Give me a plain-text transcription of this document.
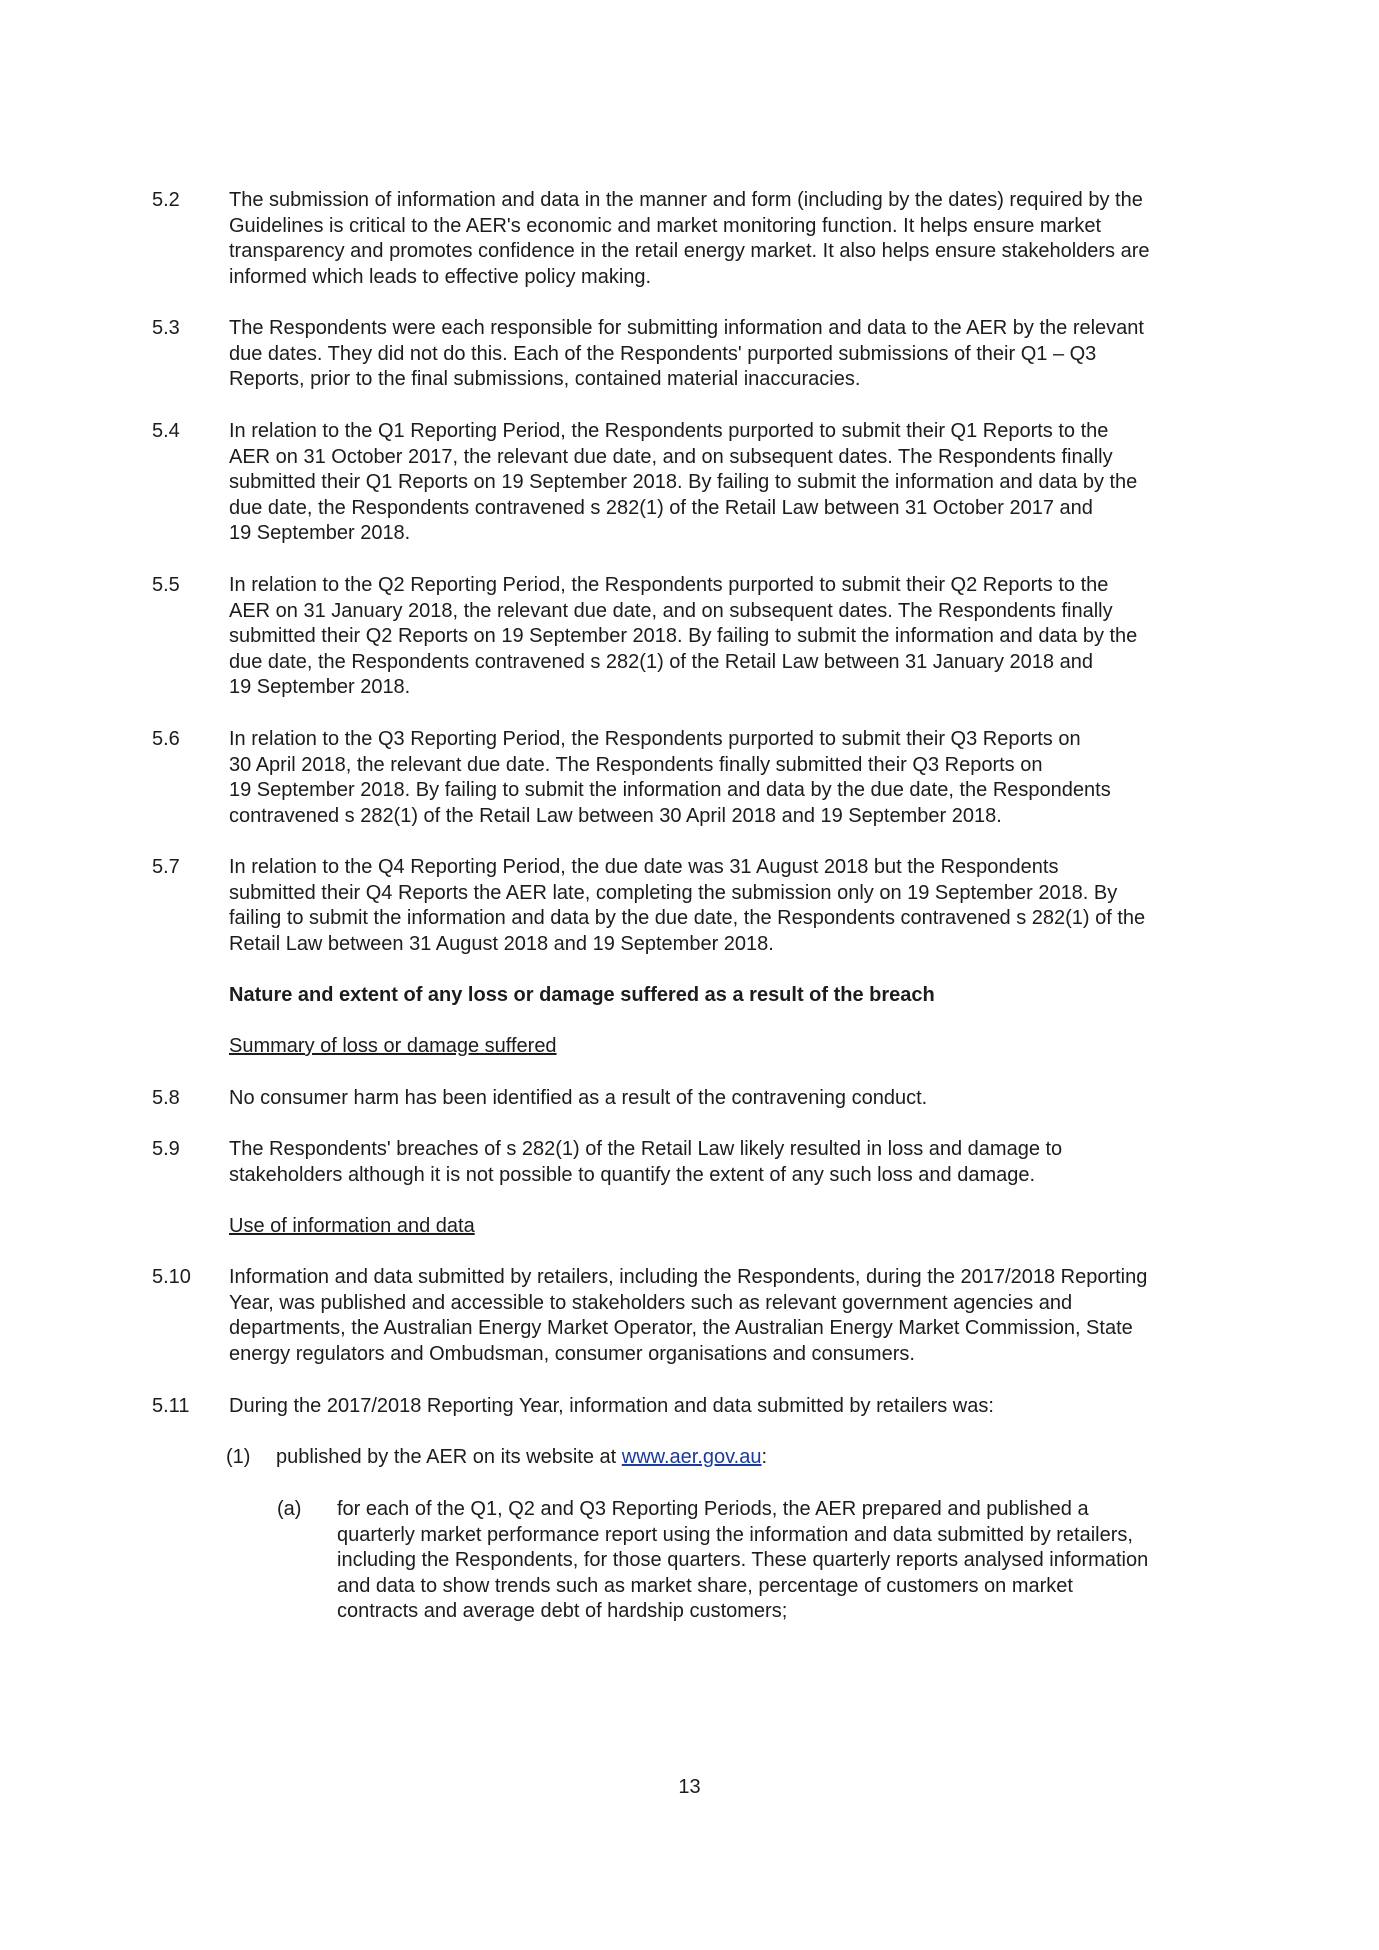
5.2 The submission of information and data in the manner and form (including by the dates) required by the

Guidelines is critical to the AER's economic and market monitoring function. It helps ensure market

transparency and promotes confidence in the retail energy market. It also helps ensure stakeholders are

informed which leads to effective policy making.

5.3 The Respondents were each responsible for submitting information and data to the AER by the relevant

due dates. They did not do this. Each of the Respondents' purported submissions of their Q1 – Q3

Reports, prior to the final submissions, contained material inaccuracies.

5.4 In relation to the Q1 Reporting Period, the Respondents purported to submit their Q1 Reports to the

AER on 31 October 2017, the relevant due date, and on subsequent dates. The Respondents finally

submitted their Q1 Reports on 19 September 2018. By failing to submit the information and data by the

due date, the Respondents contravened s 282(1) of the Retail Law between 31 October 2017 and

19 September 2018.

5.5 In relation to the Q2 Reporting Period, the Respondents purported to submit their Q2 Reports to the

AER on 31 January 2018, the relevant due date, and on subsequent dates. The Respondents finally

submitted their Q2 Reports on 19 September 2018. By failing to submit the information and data by the

due date, the Respondents contravened s 282(1) of the Retail Law between 31 January 2018 and

19 September 2018.

5.6 In relation to the Q3 Reporting Period, the Respondents purported to submit their Q3 Reports on

30 April 2018, the relevant due date. The Respondents finally submitted their Q3 Reports on

19 September 2018. By failing to submit the information and data by the due date, the Respondents

contravened s 282(1) of the Retail Law between 30 April 2018 and 19 September 2018.

5.7 In relation to the Q4 Reporting Period, the due date was 31 August 2018 but the Respondents

submitted their Q4 Reports the AER late, completing the submission only on 19 September 2018. By

failing to submit the information and data by the due date, the Respondents contravened s 282(1) of the

Retail Law between 31 August 2018 and 19 September 2018.

Nature and extent of any loss or damage suffered as a result of the breach

Summary of loss or damage suffered

5.8 No consumer harm has been identified as a result of the contravening conduct.

5.9 The Respondents' breaches of s 282(1) of the Retail Law likely resulted in loss and damage to

stakeholders although it is not possible to quantify the extent of any such loss and damage.

Use of information and data

5.10 Information and data submitted by retailers, including the Respondents, during the 2017/2018 Reporting

Year, was published and accessible to stakeholders such as relevant government agencies and

departments, the Australian Energy Market Operator, the Australian Energy Market Commission, State

energy regulators and Ombudsman, consumer organisations and consumers.

5.11 During the 2017/2018 Reporting Year, information and data submitted by retailers was:

(1) published by the AER on its website at www.aer.gov.au:

(a) for each of the Q1, Q2 and Q3 Reporting Periods, the AER prepared and published a

quarterly market performance report using the information and data submitted by retailers,

including the Respondents, for those quarters. These quarterly reports analysed information

and data to show trends such as market share, percentage of customers on market

contracts and average debt of hardship customers;

13
